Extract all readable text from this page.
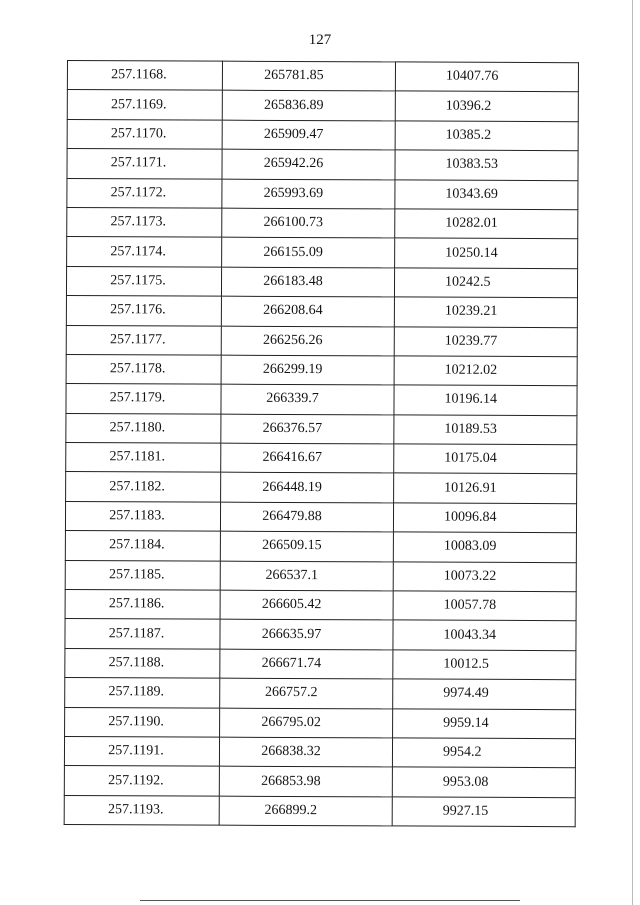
127
257.1168.	265781.85	10407.76
257.1169.	265836.89	10396.2
257.1170.	265909.47	10385.2
257.1171.	265942.26	10383.53
257.1172.	265993.69	10343.69
257.1173.	266100.73	10282.01
257.1174.	266155.09	10250.14
257.1175.	266183.48	10242.5
257.1176.	266208.64	10239.21
257.1177.	266256.26	10239.77
257.1178.	266299.19	10212.02
257.1179.	266339.7	10196.14
257.1180.	266376.57	10189.53
257.1181.	266416.67	10175.04
257.1182.	266448.19	10126.91
257.1183.	266479.88	10096.84
257.1184.	266509.15	10083.09
257.1185.	266537.1	10073.22
257.1186.	266605.42	10057.78
257.1187.	266635.97	10043.34
257.1188.	266671.74	10012.5
257.1189.	266757.2	9974.49
257.1190.	266795.02	9959.14
257.1191.	266838.32	9954.2
257.1192.	266853.98	9953.08
257.1193.	266899.2	9927.15
